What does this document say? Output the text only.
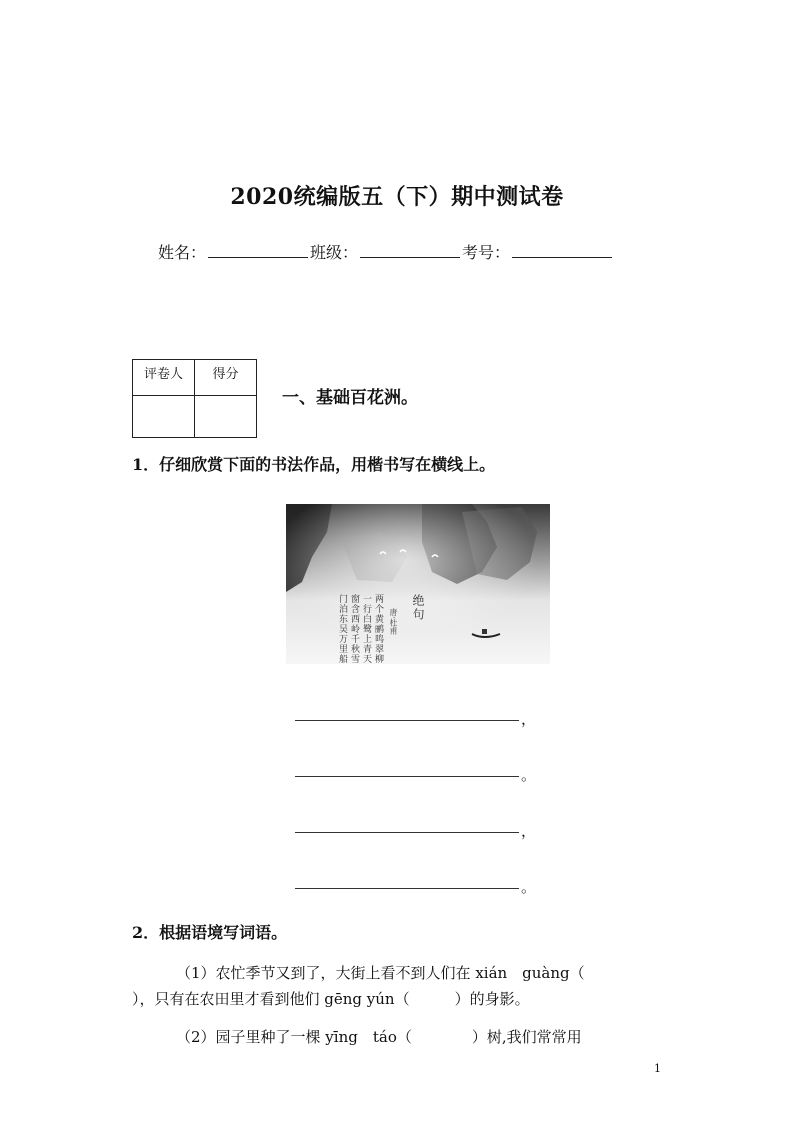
2020统编版五（下）期中测试卷
姓名：	班级：	考号：
评卷人	得分

一、基础百花洲。
1．仔细欣赏下面的书法作品，用楷书写在横线上。
绝句
唐·杜甫
两个黄鹂鸣翠柳
一行白鹭上青天
窗含西岭千秋雪
门泊东吴万里船
，
。
，
。
2．根据语境写词语。
（1）农忙季节又到了，大街上看不到人们在 xián　guàng（
），只有在农田里才看到他们 gēng yún（　　　）的身影。
（2）园子里种了一棵 yīng　táo（　　　　）树,我们常常用
1
